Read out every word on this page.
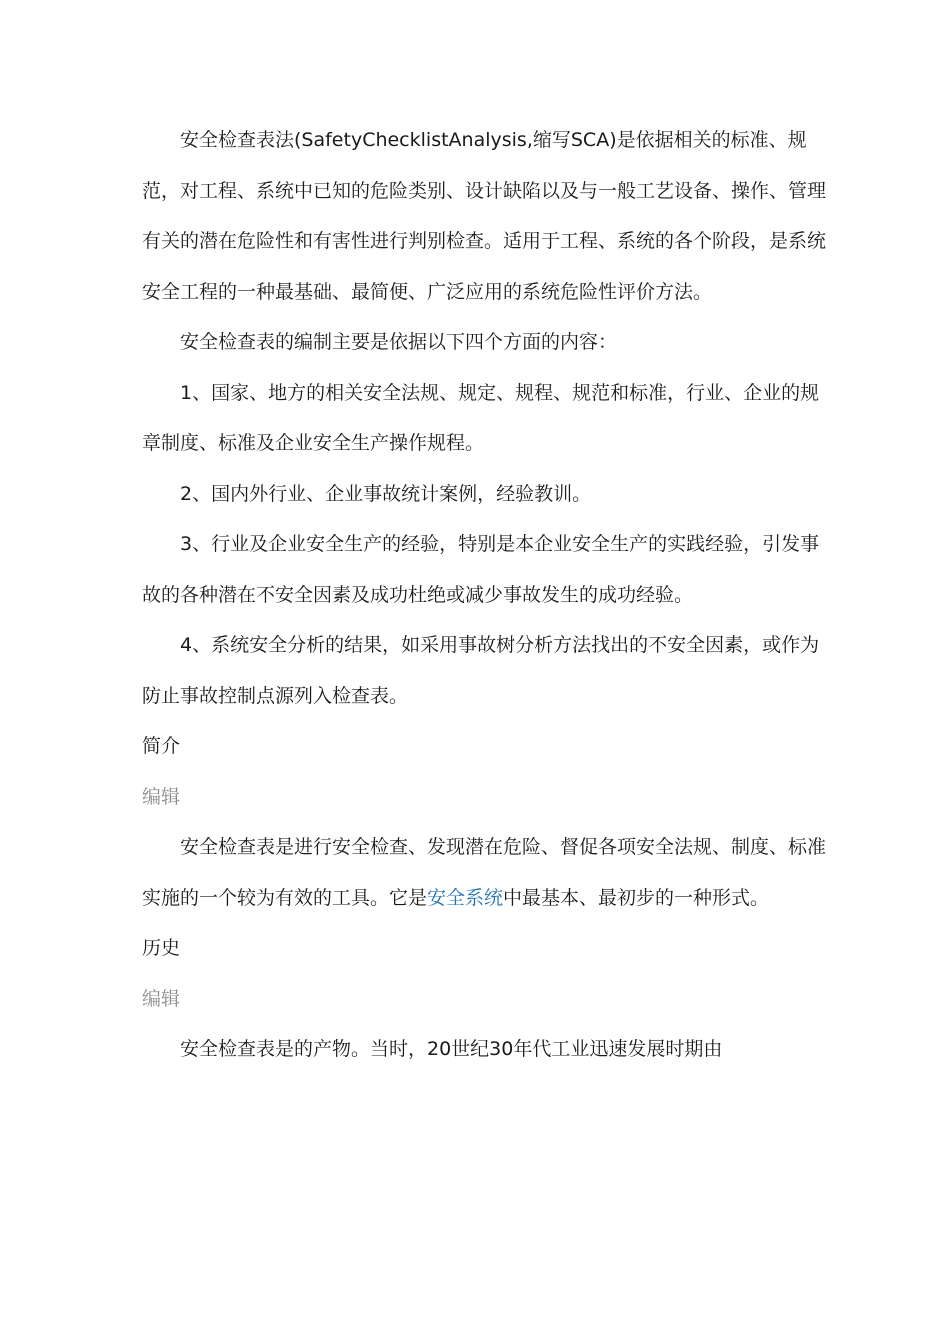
安全检查表法(SafetyChecklistAnalysis,缩写SCA)是依据相关的标准、规范，对工程、系统中已知的危险类别、设计缺陷以及与一般工艺设备、操作、管理有关的潜在危险性和有害性进行判别检查。适用于工程、系统的各个阶段，是系统安全工程的一种最基础、最简便、广泛应用的系统危险性评价方法。

安全检查表的编制主要是依据以下四个方面的内容：

1、国家、地方的相关安全法规、规定、规程、规范和标准，行业、企业的规章制度、标准及企业安全生产操作规程。

2、国内外行业、企业事故统计案例，经验教训。

3、行业及企业安全生产的经验，特别是本企业安全生产的实践经验，引发事故的各种潜在不安全因素及成功杜绝或减少事故发生的成功经验。

4、系统安全分析的结果，如采用事故树分析方法找出的不安全因素，或作为防止事故控制点源列入检查表。

简介
编辑

安全检查表是进行安全检查、发现潜在危险、督促各项安全法规、制度、标准实施的一个较为有效的工具。它是安全系统中最基本、最初步的一种形式。

历史
编辑

安全检查表是的产物。当时，20世纪30年代工业迅速发展时期由
